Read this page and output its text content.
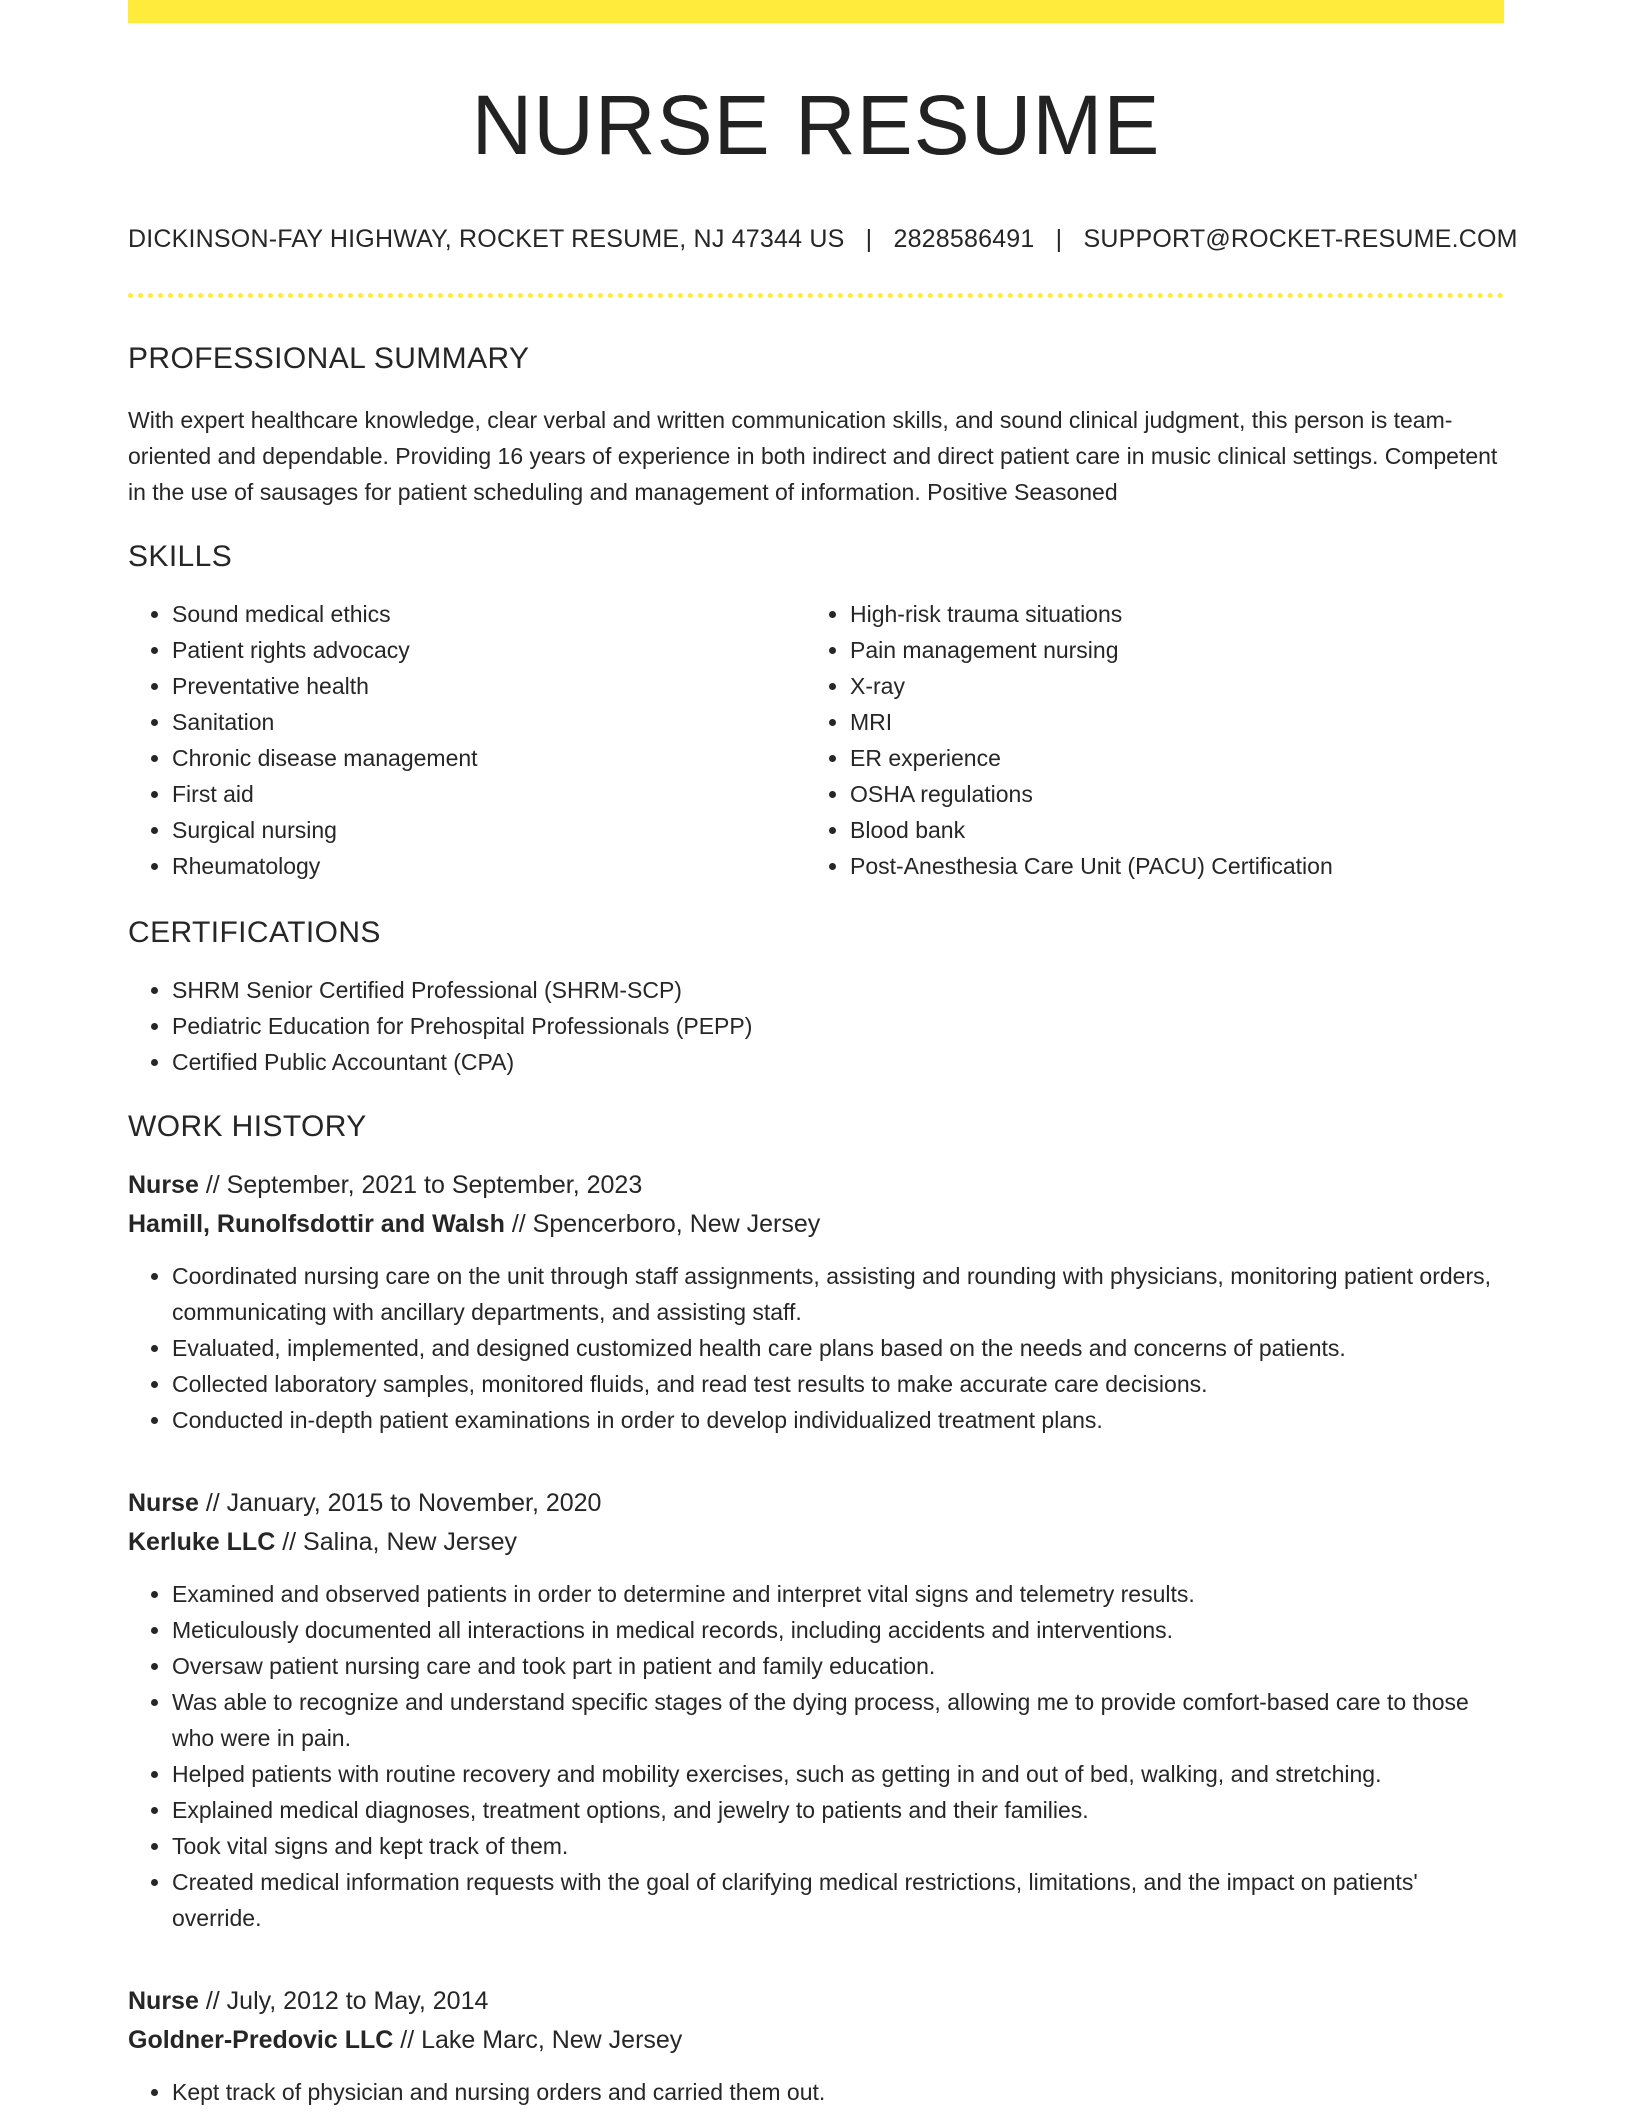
NURSE RESUME
DICKINSON-FAY HIGHWAY, ROCKET RESUME, NJ 47344 US | 2828586491 | SUPPORT@ROCKET-RESUME.COM
PROFESSIONAL SUMMARY

With expert healthcare knowledge, clear verbal and written communication skills, and sound clinical judgment, this person is team-oriented and dependable. Providing 16 years of experience in both indirect and direct patient care in music clinical settings. Competent in the use of sausages for patient scheduling and management of information. Positive Seasoned

SKILLS
• Sound medical ethics
• Patient rights advocacy
• Preventative health
• Sanitation
• Chronic disease management
• First aid
• Surgical nursing
• Rheumatology
• High-risk trauma situations
• Pain management nursing
• X-ray
• MRI
• ER experience
• OSHA regulations
• Blood bank
• Post-Anesthesia Care Unit (PACU) Certification
CERTIFICATIONS
• SHRM Senior Certified Professional (SHRM-SCP)
• Pediatric Education for Prehospital Professionals (PEPP)
• Certified Public Accountant (CPA)
WORK HISTORY
Nurse // September, 2021 to September, 2023
Hamill, Runolfsdottir and Walsh // Spencerboro, New Jersey
• Coordinated nursing care on the unit through staff assignments, assisting and rounding with physicians, monitoring patient orders, communicating with ancillary departments, and assisting staff.
• Evaluated, implemented, and designed customized health care plans based on the needs and concerns of patients.
• Collected laboratory samples, monitored fluids, and read test results to make accurate care decisions.
• Conducted in-depth patient examinations in order to develop individualized treatment plans.
Nurse // January, 2015 to November, 2020
Kerluke LLC // Salina, New Jersey
• Examined and observed patients in order to determine and interpret vital signs and telemetry results.
• Meticulously documented all interactions in medical records, including accidents and interventions.
• Oversaw patient nursing care and took part in patient and family education.
• Was able to recognize and understand specific stages of the dying process, allowing me to provide comfort-based care to those who were in pain.
• Helped patients with routine recovery and mobility exercises, such as getting in and out of bed, walking, and stretching.
• Explained medical diagnoses, treatment options, and jewelry to patients and their families.
• Took vital signs and kept track of them.
• Created medical information requests with the goal of clarifying medical restrictions, limitations, and the impact on patients' override.
Nurse // July, 2012 to May, 2014
Goldner-Predovic LLC // Lake Marc, New Jersey
• Kept track of physician and nursing orders and carried them out.
